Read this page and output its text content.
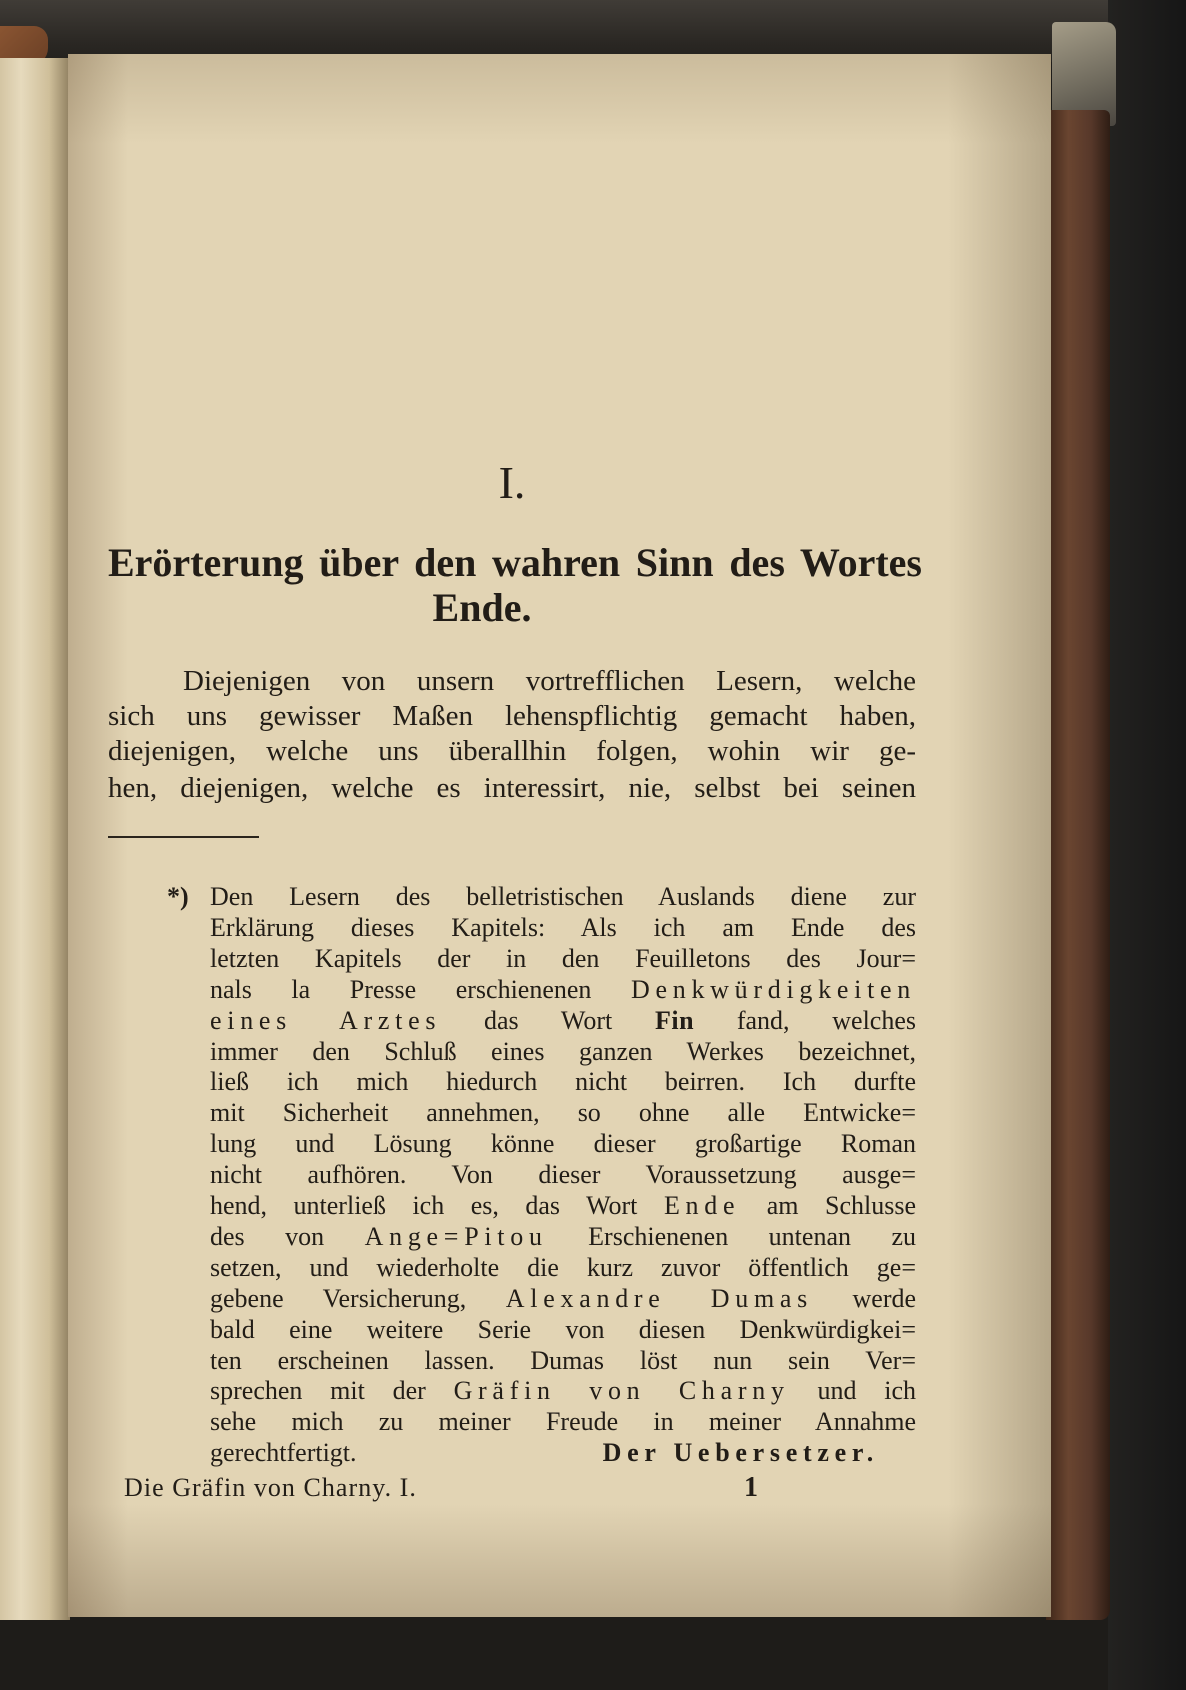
I.
Erörterung über den wahren Sinn des Wortes
Ende.
Diejenigen von unsern vortrefflichen Lesern, welche
sich uns gewisser Maßen lehenspflichtig gemacht haben,
diejenigen, welche uns überallhin folgen, wohin wir ge-
hen, diejenigen, welche es interessirt, nie, selbst bei seinen
*) Den Lesern des belletristischen Auslands diene zur
Erklärung dieses Kapitels: Als ich am Ende des
letzten Kapitels der in den Feuilletons des Jour=
nals la Presse erschienenen Denkwürdigkeiten
eines Arztes das Wort Fin fand, welches
immer den Schluß eines ganzen Werkes bezeichnet,
ließ ich mich hiedurch nicht beirren. Ich durfte
mit Sicherheit annehmen, so ohne alle Entwicke=
lung und Lösung könne dieser großartige Roman
nicht aufhören. Von dieser Voraussetzung ausge=
hend, unterließ ich es, das Wort Ende am Schlusse
des von Ange=Pitou Erschienenen untenan zu
setzen, und wiederholte die kurz zuvor öffentlich ge=
gebene Versicherung, Alexandre Dumas werde
bald eine weitere Serie von diesen Denkwürdigkei=
ten erscheinen lassen. Dumas löst nun sein Ver=
sprechen mit der Gräfin von Charny und ich
sehe mich zu meiner Freude in meiner Annahme
gerechtfertigt.	Der Uebersetzer.
Die Gräfin von Charny. I.	1
